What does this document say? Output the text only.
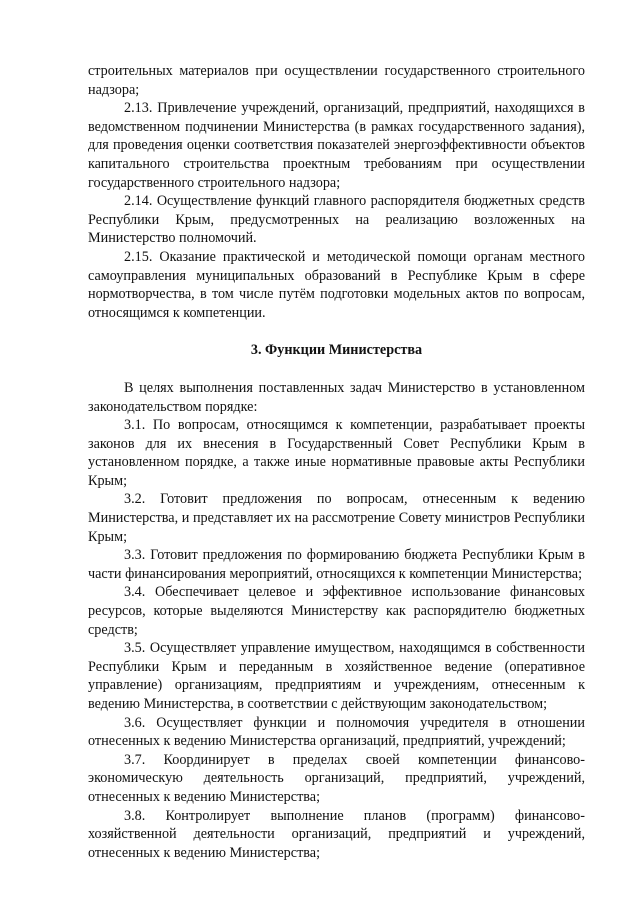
строительных материалов при осуществлении государственного строительного надзора;

2.13. Привлечение учреждений, организаций, предприятий, находящихся в ведомственном подчинении Министерства (в рамках государственного задания), для проведения оценки соответствия показателей энергоэффективности объектов капитального строительства проектным требованиям при осуществлении государственного строительного надзора;

2.14. Осуществление функций главного распорядителя бюджетных средств Республики Крым, предусмотренных на реализацию возложенных на Министерство полномочий.

2.15. Оказание практической и методической помощи органам местного самоуправления муниципальных образований в Республике Крым в сфере нормотворчества, в том числе путём подготовки модельных актов по вопросам, относящимся к компетенции.

3. Функции Министерства

В целях выполнения поставленных задач Министерство в установленном законодательством порядке:

3.1. По вопросам, относящимся к компетенции, разрабатывает проекты законов для их внесения в Государственный Совет Республики Крым в установленном порядке, а также иные нормативные правовые акты Республики Крым;

3.2. Готовит предложения по вопросам, отнесенным к ведению Министерства, и представляет их на рассмотрение Совету министров Республики Крым;

3.3. Готовит предложения по формированию бюджета Республики Крым в части финансирования мероприятий, относящихся к компетенции Министерства;

3.4. Обеспечивает целевое и эффективное использование финансовых ресурсов, которые выделяются Министерству как распорядителю бюджетных средств;

3.5. Осуществляет управление имуществом, находящимся в собственности Республики Крым и переданным в хозяйственное ведение (оперативное управление) организациям, предприятиям и учреждениям, отнесенным к ведению Министерства, в соответствии с действующим законодательством;

3.6. Осуществляет функции и полномочия учредителя в отношении отнесенных к ведению Министерства организаций, предприятий, учреждений;

3.7. Координирует в пределах своей компетенции финансово-экономическую деятельность организаций, предприятий, учреждений, отнесенных к ведению Министерства;

3.8. Контролирует выполнение планов (программ) финансово-хозяйственной деятельности организаций, предприятий и учреждений, отнесенных к ведению Министерства;
